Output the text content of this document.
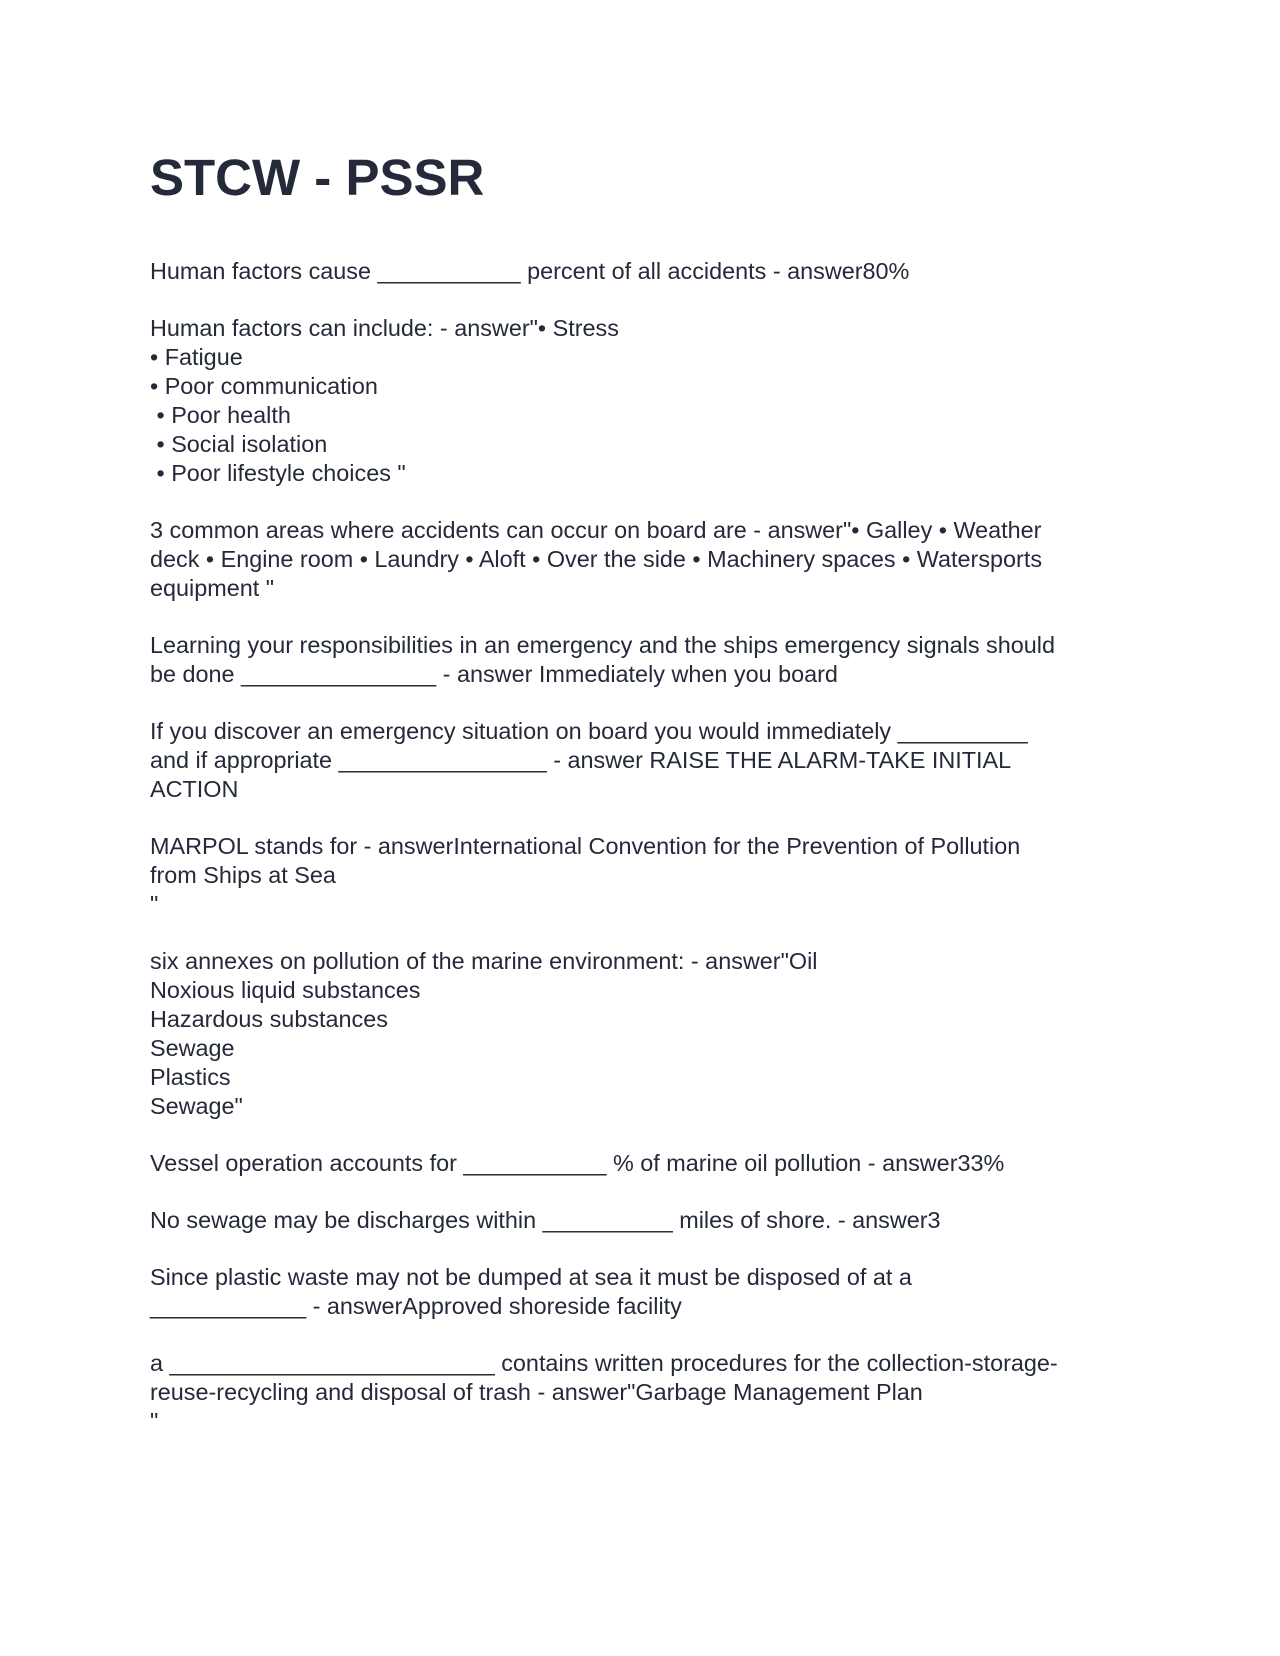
STCW - PSSR

Human factors cause ___________ percent of all accidents - answer80%

Human factors can include: - answer"• Stress
• Fatigue
• Poor communication
• Poor health
• Social isolation
• Poor lifestyle choices "

3 common areas where accidents can occur on board are - answer"• Galley • Weather
deck • Engine room • Laundry • Aloft • Over the side • Machinery spaces • Watersports
equipment "

Learning your responsibilities in an emergency and the ships emergency signals should
be done _______________ - answer Immediately when you board

If you discover an emergency situation on board you would immediately __________
and if appropriate ________________ - answer RAISE THE ALARM-TAKE INITIAL
ACTION

MARPOL stands for - answerInternational Convention for the Prevention of Pollution
from Ships at Sea
"

six annexes on pollution of the marine environment: - answer"Oil
Noxious liquid substances
Hazardous substances
Sewage
Plastics
Sewage"

Vessel operation accounts for ___________ % of marine oil pollution - answer33%

No sewage may be discharges within __________ miles of shore. - answer3

Since plastic waste may not be dumped at sea it must be disposed of at a
____________ - answerApproved shoreside facility

a _________________________ contains written procedures for the collection-storage-
reuse-recycling and disposal of trash - answer"Garbage Management Plan
"
